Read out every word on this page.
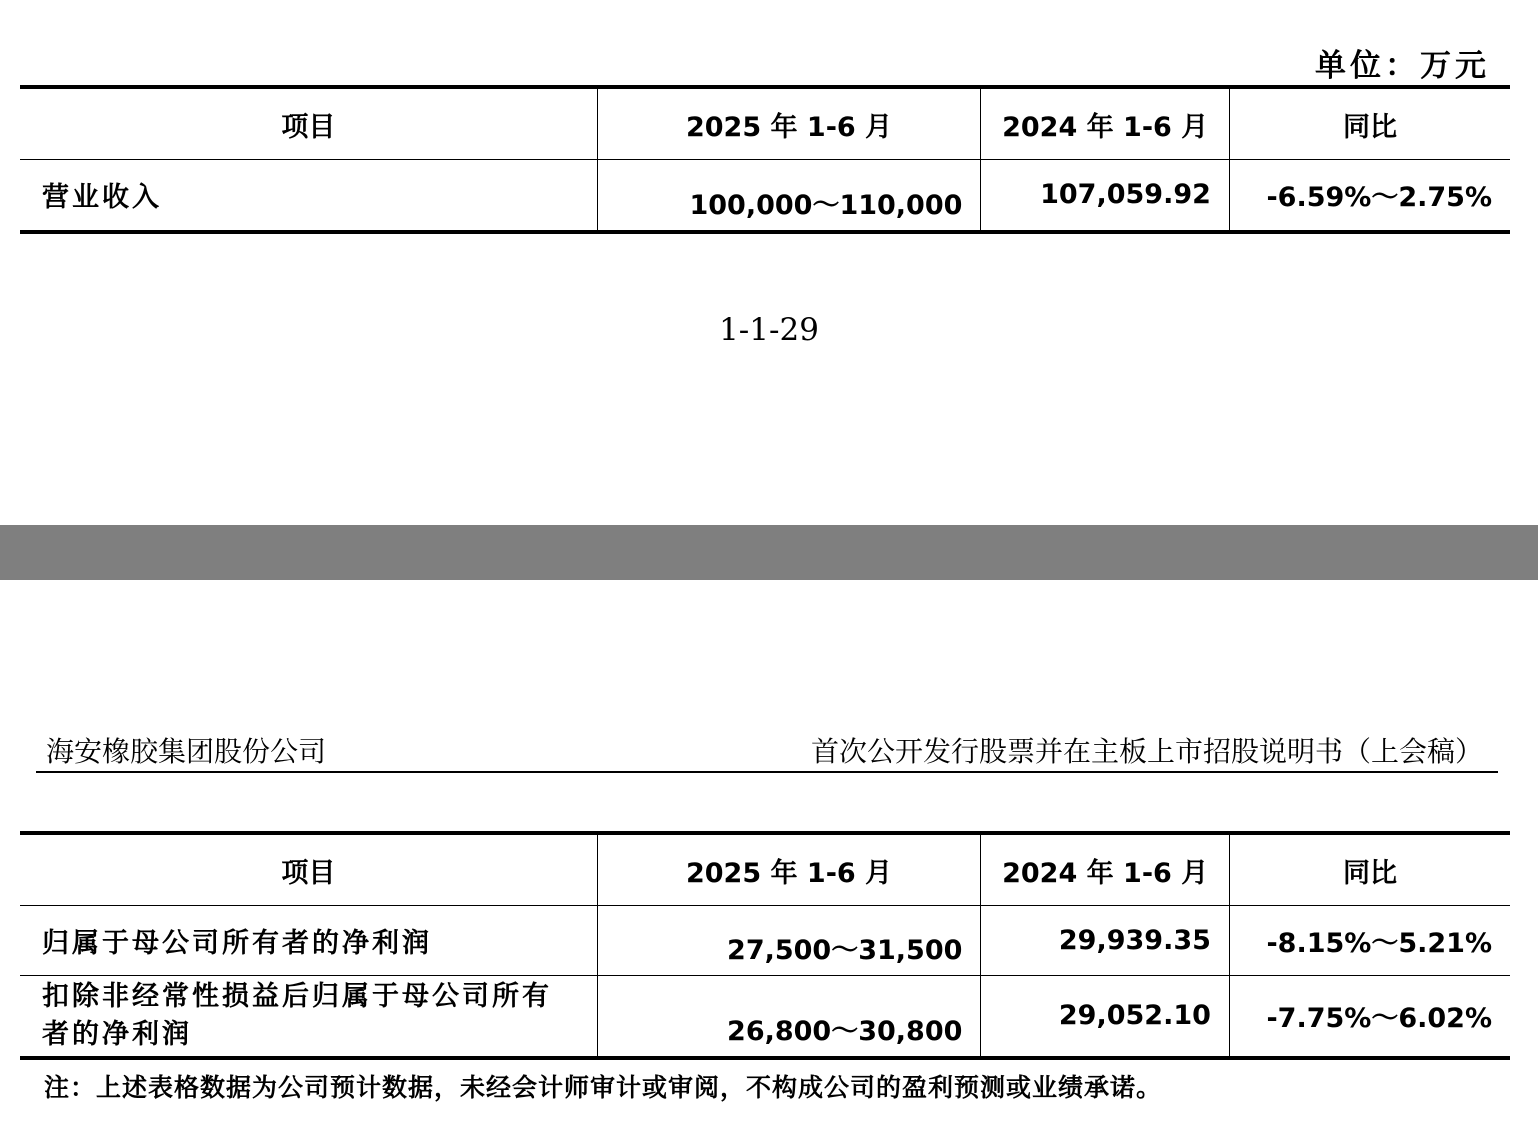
单位：万元
项目	2025 年 1-6 月	2024 年 1-6 月	同比
营业收入	100,000～110,000	107,059.92	-6.59%～2.75%
1-1-29
海安橡胶集团股份公司	首次公开发行股票并在主板上市招股说明书（上会稿）
项目	2025 年 1-6 月	2024 年 1-6 月	同比
归属于母公司所有者的净利润	27,500～31,500	29,939.35	-8.15%～5.21%
扣除非经常性损益后归属于母公司所有者的净利润	26,800～30,800	29,052.10	-7.75%～6.02%
注：上述表格数据为公司预计数据，未经会计师审计或审阅，不构成公司的盈利预测或业绩承诺。
